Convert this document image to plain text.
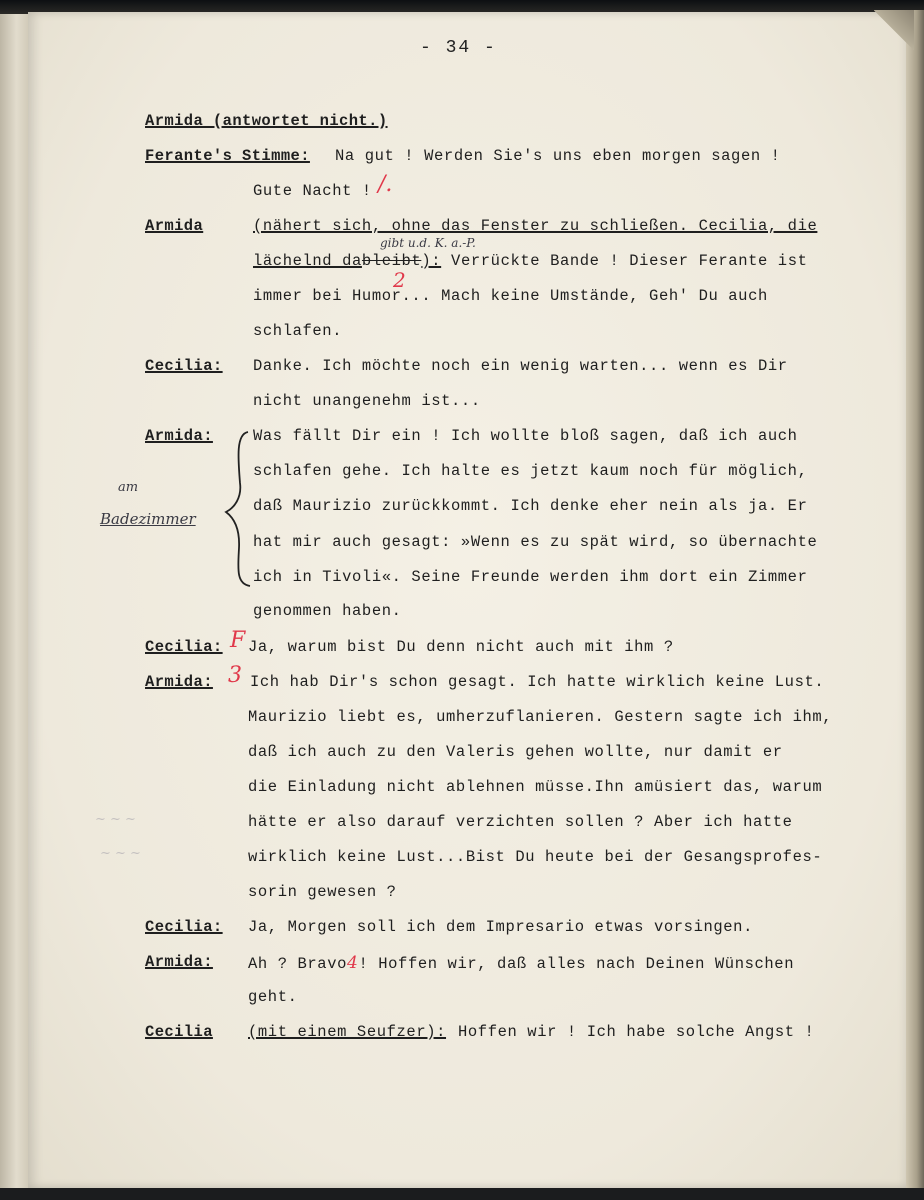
- 34 -
Armida (antwortet nicht.)
Ferante's Stimme: Na gut ! Werden Sie's uns eben morgen sagen !
Gute Nacht ! /.
Armida	(nähert sich, ohne das Fenster zu schließen. Cecilia, die
gibt u.d. K. a.-P.
lächelnd dableibt): Verrückte Bande ! Dieser Ferante ist
immer bei Humor... Mach keine Umstände, Geh' Du auch
2
schlafen.
Cecilia: Danke. Ich möchte noch ein wenig warten... wenn es Dir
nicht unangenehm ist...
Armida:	Was fällt Dir ein ! Ich wollte bloß sagen, daß ich auch
am
Badezimmer
schlafen gehe. Ich halte es jetzt kaum noch für möglich,
daß Maurizio zurückkommt. Ich denke eher nein als ja. Er
hat mir auch gesagt: »Wenn es zu spät wird, so übernachte
ich in Tivoli«. Seine Freunde werden ihm dort ein Zimmer
genommen haben.
Cecilia: F Ja, warum bist Du denn nicht auch mit ihm ?
Armida: 3 Ich hab Dir's schon gesagt. Ich hatte wirklich keine Lust.
Maurizio liebt es, umherzuflanieren. Gestern sagte ich ihm,
daß ich auch zu den Valeris gehen wollte, nur damit er
die Einladung nicht ablehnen müsse.Ihn amüsiert das, warum
hätte er also darauf verzichten sollen ? Aber ich hatte
wirklich keine Lust...Bist Du heute bei der Gesangsprofes-
sorin gewesen ?
~ ~ ~
~ ~ ~
Cecilia: Ja, Morgen soll ich dem Impresario etwas vorsingen.
Armida: Ah ? Bravo4! Hoffen wir, daß alles nach Deinen Wünschen
geht.
Cecilia (mit einem Seufzer): Hoffen wir ! Ich habe solche Angst !
